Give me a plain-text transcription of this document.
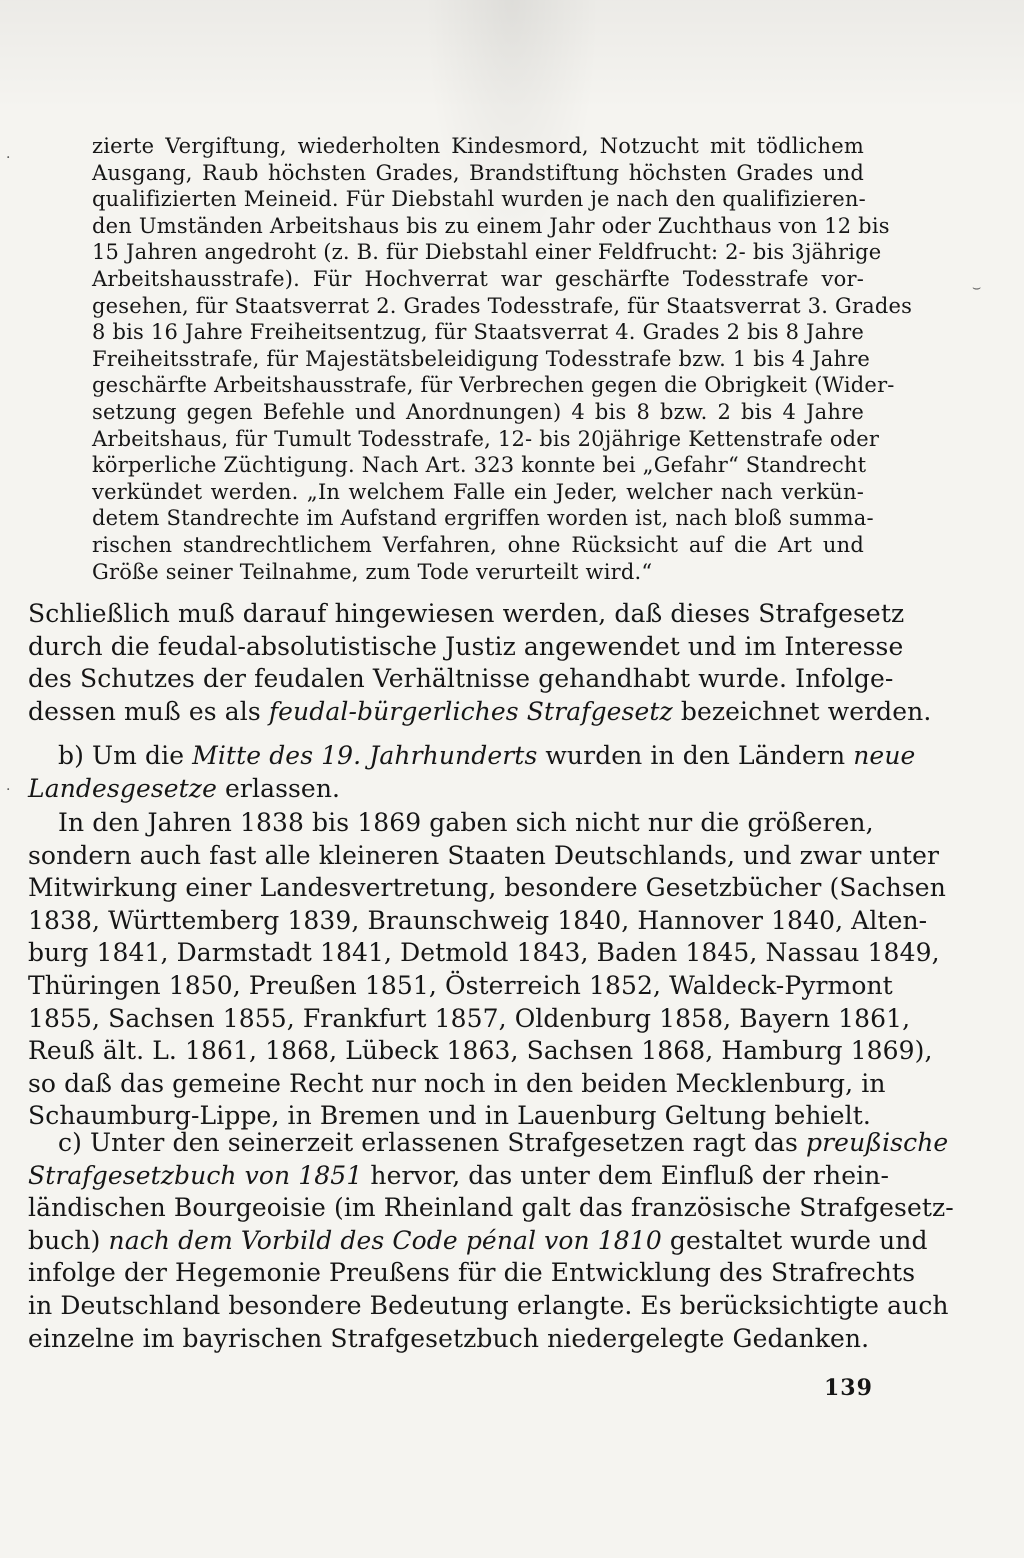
zierte Vergiftung, wiederholten Kindesmord, Notzucht mit tödlichem
Ausgang, Raub höchsten Grades, Brandstiftung höchsten Grades und
qualifizierten Meineid. Für Diebstahl wurden je nach den qualifizieren-
den Umständen Arbeitshaus bis zu einem Jahr oder Zuchthaus von 12 bis
15 Jahren angedroht (z. B. für Diebstahl einer Feldfrucht: 2- bis 3jährige
Arbeitshausstrafe). Für Hochverrat war geschärfte Todesstrafe vor-
gesehen, für Staatsverrat 2. Grades Todesstrafe, für Staatsverrat 3. Grades
8 bis 16 Jahre Freiheitsentzug, für Staatsverrat 4. Grades 2 bis 8 Jahre
Freiheitsstrafe, für Majestätsbeleidigung Todesstrafe bzw. 1 bis 4 Jahre
geschärfte Arbeitshausstrafe, für Verbrechen gegen die Obrigkeit (Wider-
setzung gegen Befehle und Anordnungen) 4 bis 8 bzw. 2 bis 4 Jahre
Arbeitshaus, für Tumult Todesstrafe, 12- bis 20jährige Kettenstrafe oder
körperliche Züchtigung. Nach Art. 323 konnte bei „Gefahr“ Standrecht
verkündet werden. „In welchem Falle ein Jeder, welcher nach verkün-
detem Standrechte im Aufstand ergriffen worden ist, nach bloß summa-
rischen standrechtlichem Verfahren, ohne Rücksicht auf die Art und
Größe seiner Teilnahme, zum Tode verurteilt wird.“
Schließlich muß darauf hingewiesen werden, daß dieses Strafgesetz
durch die feudal-absolutistische Justiz angewendet und im Interesse
des Schutzes der feudalen Verhältnisse gehandhabt wurde. Infolge-
dessen muß es als feudal-bürgerliches Strafgesetz bezeichnet werden.
b) Um die Mitte des 19. Jahrhunderts wurden in den Ländern neue
Landesgesetze erlassen.
In den Jahren 1838 bis 1869 gaben sich nicht nur die größeren,
sondern auch fast alle kleineren Staaten Deutschlands, und zwar unter
Mitwirkung einer Landesvertretung, besondere Gesetzbücher (Sachsen
1838, Württemberg 1839, Braunschweig 1840, Hannover 1840, Alten-
burg 1841, Darmstadt 1841, Detmold 1843, Baden 1845, Nassau 1849,
Thüringen 1850, Preußen 1851, Österreich 1852, Waldeck-Pyrmont
1855, Sachsen 1855, Frankfurt 1857, Oldenburg 1858, Bayern 1861,
Reuß ält. L. 1861, 1868, Lübeck 1863, Sachsen 1868, Hamburg 1869),
so daß das gemeine Recht nur noch in den beiden Mecklenburg, in
Schaumburg-Lippe, in Bremen und in Lauenburg Geltung behielt.
c) Unter den seinerzeit erlassenen Strafgesetzen ragt das preußische
Strafgesetzbuch von 1851 hervor, das unter dem Einfluß der rhein-
ländischen Bourgeoisie (im Rheinland galt das französische Strafgesetz-
buch) nach dem Vorbild des Code pénal von 1810 gestaltet wurde und
infolge der Hegemonie Preußens für die Entwicklung des Strafrechts
in Deutschland besondere Bedeutung erlangte. Es berücksichtigte auch
einzelne im bayrischen Strafgesetzbuch niedergelegte Gedanken.
139
·
⌣
·
